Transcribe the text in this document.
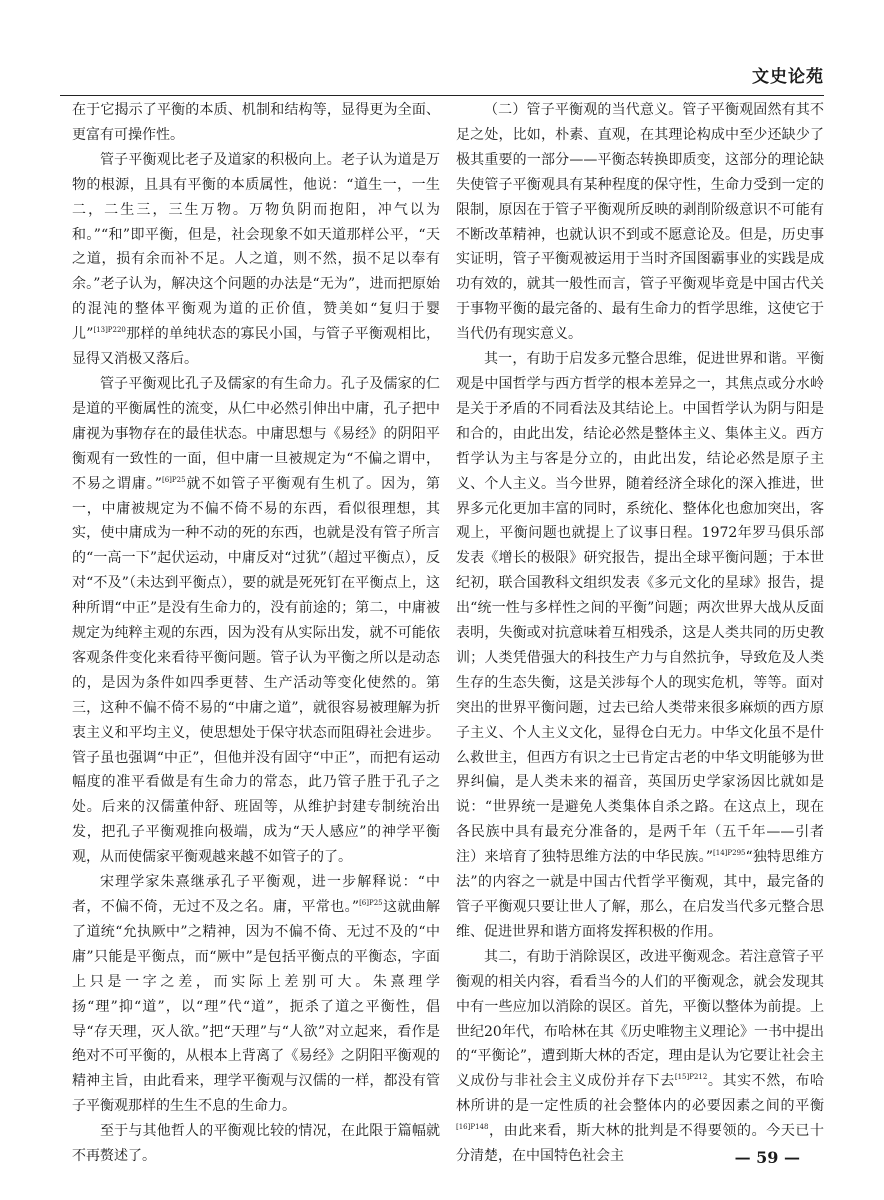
文史论苑

在于它揭示了平衡的本质、机制和结构等，显得更为全面、更富有可操作性。

管子平衡观比老子及道家的积极向上。老子认为道是万物的根源，且具有平衡的本质属性，他说：“道生一，一生二，二生三，三生万物。万物负阴而抱阳，冲气以为和。”“和”即平衡，但是，社会现象不如天道那样公平，“天之道，损有余而补不足。人之道，则不然，损不足以奉有余。”老子认为，解决这个问题的办法是“无为”，进而把原始的混沌的整体平衡观为道的正价值，赞美如“复归于婴儿”$^{[13]P220}$那样的单纯状态的寡民小国，与管子平衡观相比，显得又消极又落后。

管子平衡观比孔子及儒家的有生命力。孔子及儒家的仁是道的平衡属性的流变，从仁中必然引伸出中庸，孔子把中庸视为事物存在的最佳状态。中庸思想与《易经》的阴阳平衡观有一致性的一面，但中庸一旦被规定为“不偏之谓中，不易之谓庸。”$^{[6]P25}$就不如管子平衡观有生机了。因为，第一，中庸被规定为不偏不倚不易的东西，看似很理想，其实，使中庸成为一种不动的死的东西，也就是没有管子所言的“一高一下”起伏运动，中庸反对“过犹”（超过平衡点），反对“不及”（未达到平衡点），要的就是死死钉在平衡点上，这种所谓“中正”是没有生命力的，没有前途的；第二，中庸被规定为纯粹主观的东西，因为没有从实际出发，就不可能依客观条件变化来看待平衡问题。管子认为平衡之所以是动态的，是因为条件如四季更替、生产活动等变化使然的。第三，这种不偏不倚不易的“中庸之道”，就很容易被理解为折衷主义和平均主义，使思想处于保守状态而阻碍社会进步。管子虽也强调“中正”，但他并没有固守“中正”，而把有运动幅度的准平看做是有生命力的常态，此乃管子胜于孔子之处。后来的汉儒董仲舒、班固等，从维护封建专制统治出发，把孔子平衡观推向极端，成为“天人感应”的神学平衡观，从而使儒家平衡观越来越不如管子的了。

宋理学家朱熹继承孔子平衡观，进一步解释说：“中者，不偏不倚，无过不及之名。庸，平常也。”$^{[6]P25}$这就曲解了道统“允执厥中”之精神，因为不偏不倚、无过不及的“中庸”只能是平衡点，而“厥中”是包括平衡点的平衡态，字面上只是一字之差，而实际上差别可大。朱熹理学扬“理”抑“道”，以“理”代“道”，扼杀了道之平衡性，倡导“存天理，灭人欲。”把“天理”与“人欲”对立起来，看作是绝对不可平衡的，从根本上背离了《易经》之阴阳平衡观的精神主旨，由此看来，理学平衡观与汉儒的一样，都没有管子平衡观那样的生生不息的生命力。

至于与其他哲人的平衡观比较的情况，在此限于篇幅就不再赘述了。

（二）管子平衡观的当代意义。管子平衡观固然有其不足之处，比如，朴素、直观，在其理论构成中至少还缺少了极其重要的一部分——平衡态转换即质变，这部分的理论缺失使管子平衡观具有某种程度的保守性，生命力受到一定的限制，原因在于管子平衡观所反映的剥削阶级意识不可能有不断改革精神，也就认识不到或不愿意论及。但是，历史事实证明，管子平衡观被运用于当时齐国图霸事业的实践是成功有效的，就其一般性而言，管子平衡观毕竟是中国古代关于事物平衡的最完备的、最有生命力的哲学思维，这使它于当代仍有现实意义。

其一，有助于启发多元整合思维，促进世界和谐。平衡观是中国哲学与西方哲学的根本差异之一，其焦点或分水岭是关于矛盾的不同看法及其结论上。中国哲学认为阴与阳是和合的，由此出发，结论必然是整体主义、集体主义。西方哲学认为主与客是分立的，由此出发，结论必然是原子主义、个人主义。当今世界，随着经济全球化的深入推进，世界多元化更加丰富的同时，系统化、整体化也愈加突出，客观上，平衡问题也就提上了议事日程。1972年罗马俱乐部发表《增长的极限》研究报告，提出全球平衡问题；于本世纪初，联合国教科文组织发表《多元文化的星球》报告，提出“统一性与多样性之间的平衡”问题；两次世界大战从反面表明，失衡或对抗意味着互相残杀，这是人类共同的历史教训；人类凭借强大的科技生产力与自然抗争，导致危及人类生存的生态失衡，这是关涉每个人的现实危机，等等。面对突出的世界平衡问题，过去已给人类带来很多麻烦的西方原子主义、个人主义文化，显得仓白无力。中华文化虽不是什么救世主，但西方有识之士已肯定古老的中华文明能够为世界纠偏，是人类未来的福音，英国历史学家汤因比就如是说：“世界统一是避免人类集体自杀之路。在这点上，现在各民族中具有最充分准备的，是两千年（五千年——引者注）来培育了独特思维方法的中华民族。”$^{[14]P295}$“独特思维方法”的内容之一就是中国古代哲学平衡观，其中，最完备的管子平衡观只要让世人了解，那么，在启发当代多元整合思维、促进世界和谐方面将发挥积极的作用。

其二，有助于消除误区，改进平衡观念。若注意管子平衡观的相关内容，看看当今的人们的平衡观念，就会发现其中有一些应加以消除的误区。首先，平衡以整体为前提。上世纪20年代，布哈林在其《历史唯物主义理论》一书中提出的“平衡论”，遭到斯大林的否定，理由是认为它要让社会主义成份与非社会主义成份并存下去$^{[15]P212}$。其实不然，布哈林所讲的是一定性质的社会整体内的必要因素之间的平衡$^{[16]P148}$，由此来看，斯大林的批判是不得要领的。今天已十分清楚，在中国特色社会主	— 59 —
